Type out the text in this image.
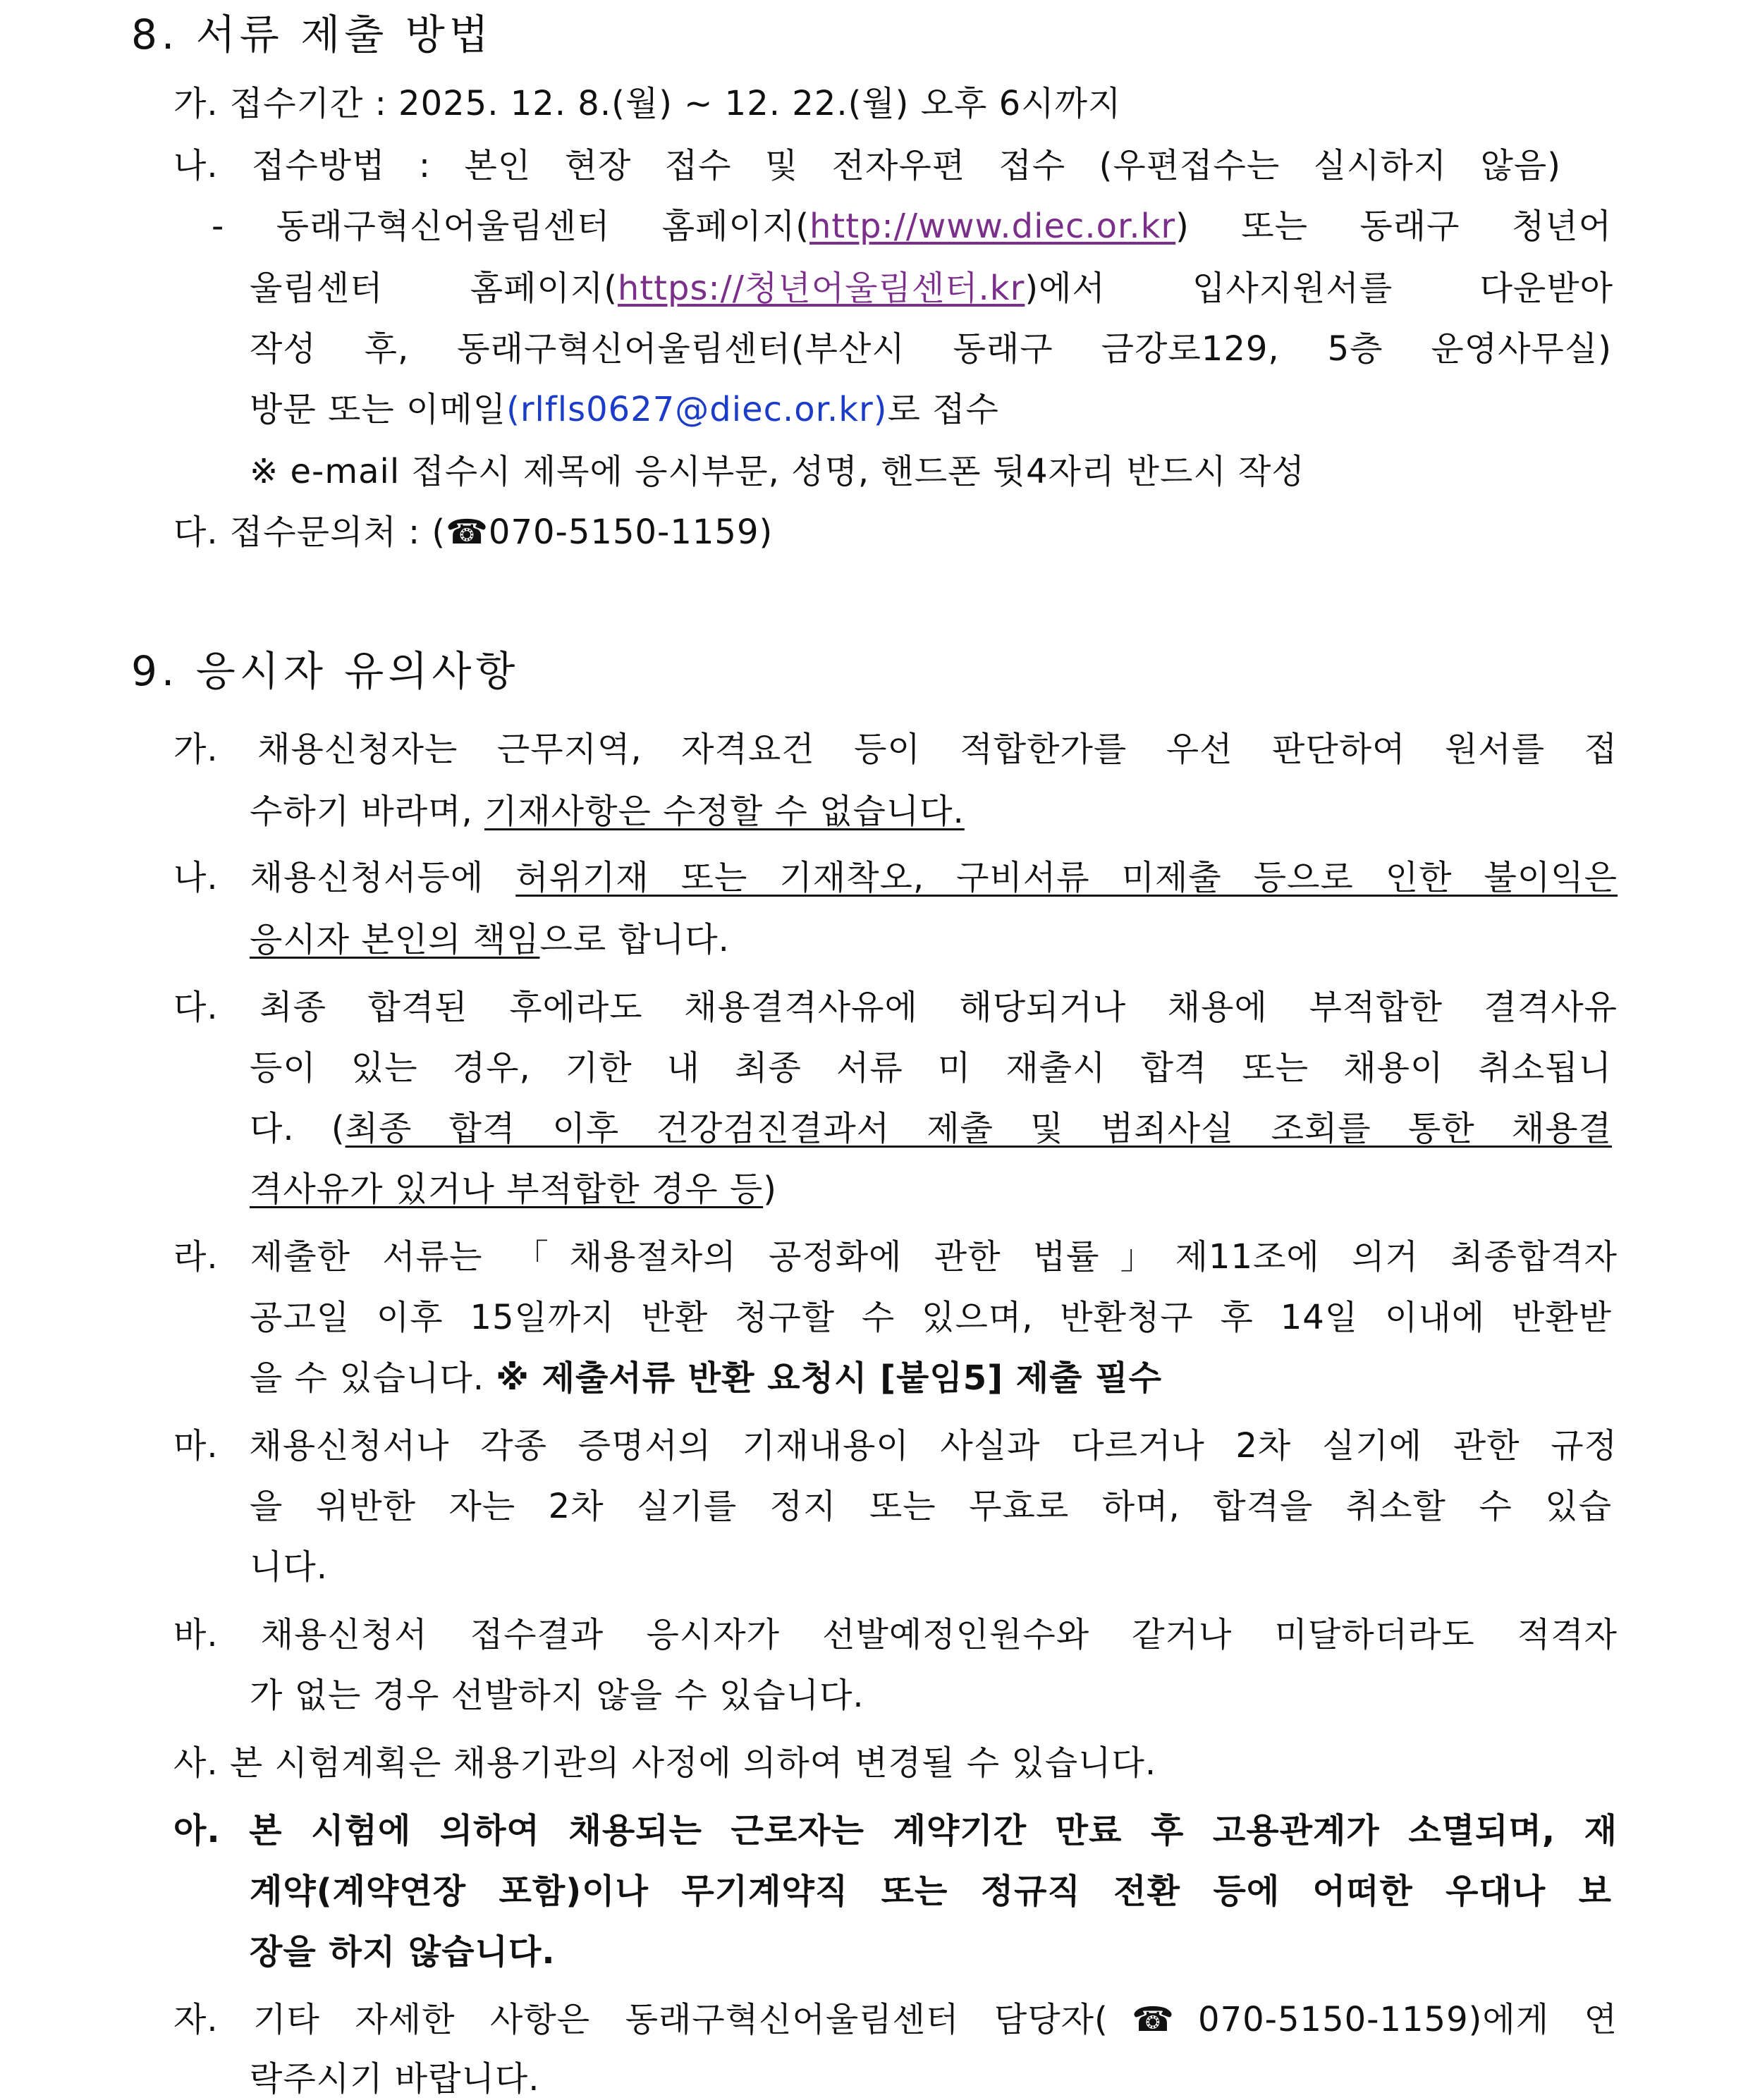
8. 서류 제출 방법
가. 접수기간 : 2025. 12. 8.(월) ~ 12. 22.(월) 오후 6시까지
나. 접수방법 : 본인 현장 접수 및 전자우편 접수 (우편접수는 실시하지 않음)
- 동래구혁신어울림센터 홈페이지(http://www.diec.or.kr) 또는 동래구 청년어
울림센터 홈페이지(https://청년어울림센터.kr)에서 입사지원서를 다운받아
작성 후, 동래구혁신어울림센터(부산시 동래구 금강로129, 5층 운영사무실)
방문 또는 이메일(rlfls0627@diec.or.kr)로 접수
※ e-mail 접수시 제목에 응시부문, 성명, 핸드폰 뒷4자리 반드시 작성
다. 접수문의처 : (☎070-5150-1159)
9. 응시자 유의사항
가. 채용신청자는 근무지역, 자격요건 등이 적합한가를 우선 판단하여 원서를 접
수하기 바라며, 기재사항은 수정할 수 없습니다.
나. 채용신청서등에 허위기재 또는 기재착오, 구비서류 미제출 등으로 인한 불이익은
응시자 본인의 책임으로 합니다.
다. 최종 합격된 후에라도 채용결격사유에 해당되거나 채용에 부적합한 결격사유
등이 있는 경우, 기한 내 최종 서류 미 재출시 합격 또는 채용이 취소됩니
다. (최종 합격 이후 건강검진결과서 제출 및 범죄사실 조회를 통한 채용결
격사유가 있거나 부적합한 경우 등)
라. 제출한 서류는 「채용절차의 공정화에 관한 법률」제11조에 의거 최종합격자
공고일 이후 15일까지 반환 청구할 수 있으며, 반환청구 후 14일 이내에 반환받
을 수 있습니다. ※ 제출서류 반환 요청시 [붙임5] 제출 필수
마. 채용신청서나 각종 증명서의 기재내용이 사실과 다르거나 2차 실기에 관한 규정
을 위반한 자는 2차 실기를 정지 또는 무효로 하며, 합격을 취소할 수 있습
니다.
바. 채용신청서 접수결과 응시자가 선발예정인원수와 같거나 미달하더라도 적격자
가 없는 경우 선발하지 않을 수 있습니다.
사. 본 시험계획은 채용기관의 사정에 의하여 변경될 수 있습니다.
아. 본 시험에 의하여 채용되는 근로자는 계약기간 만료 후 고용관계가 소멸되며, 재
계약(계약연장 포함)이나 무기계약직 또는 정규직 전환 등에 어떠한 우대나 보
장을 하지 않습니다.
자. 기타 자세한 사항은 동래구혁신어울림센터 담당자(☎070-5150-1159)에게 연
락주시기 바랍니다.
